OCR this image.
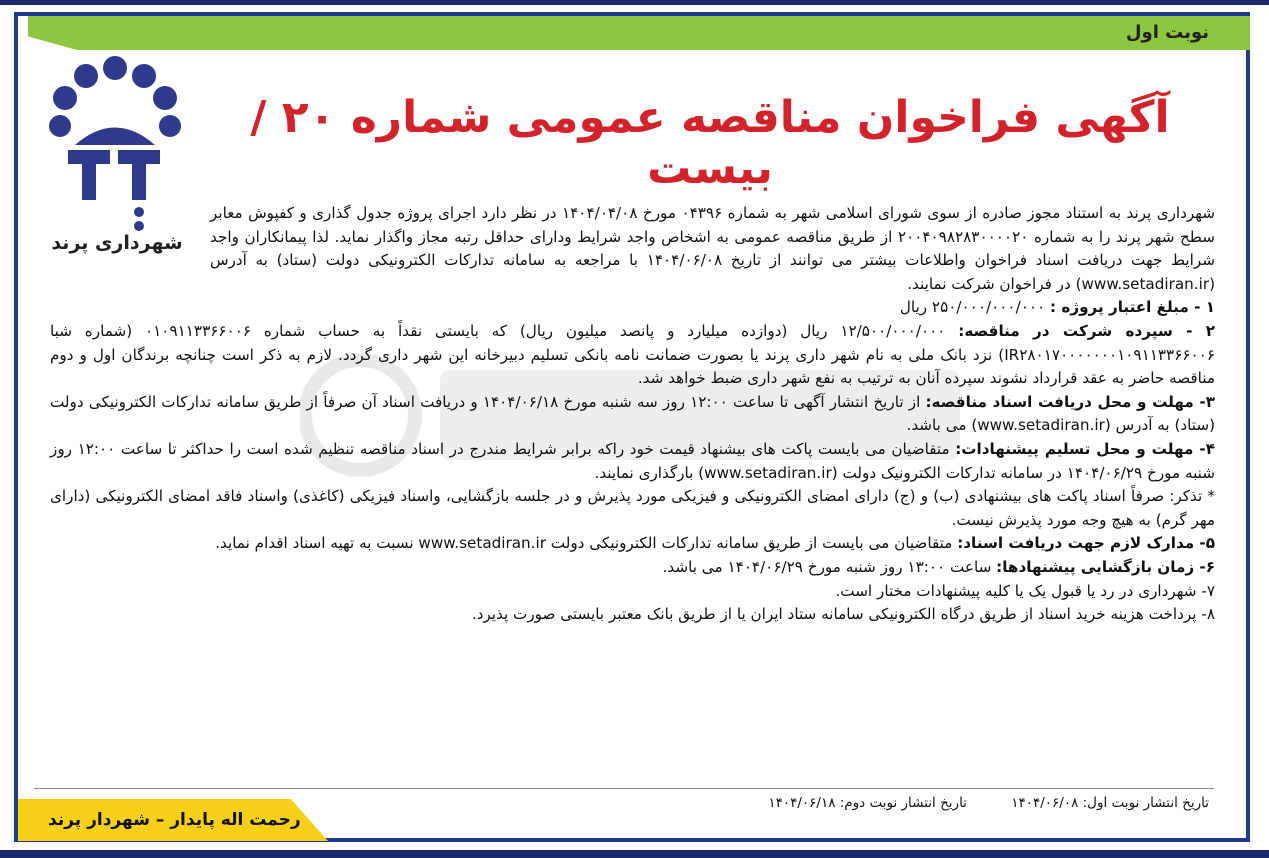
نوبت اول
شهرداری پرند
آگهی فراخوان مناقصه عمومی شماره ۲۰ / بیست

شهرداری پرند به استناد مجوز صادره از سوی شورای اسلامی شهر به شماره ۰۴۳۹۶ مورخ ۱۴۰۴/۰۴/۰۸ در نظر دارد اجرای پروژه جدول گذاری و کفپوش معابر سطح شهر پرند را به شماره ۲۰۰۴۰۹۸۲۸۳۰۰۰۰۲۰ از طریق مناقصه عمومی به اشخاص واجد شرایط ودارای حداقل رتبه مجاز واگذار نماید. لذا پیمانکاران واجد شرایط جهت دریافت اسناد فراخوان واطلاعات بیشتر می توانند از تاریخ ۱۴۰۴/۰۶/۰۸ با مراجعه به سامانه تدارکات الکترونیکی دولت (ستاد) به آدرس (www.setadiran.ir) در فراخوان شرکت نمایند.

۱ - مبلغ اعتبار پروژه : ۲۵۰/۰۰۰/۰۰۰/۰۰۰ ریال

۲ - سپرده شرکت در مناقصه: ۱۲/۵۰۰/۰۰۰/۰۰۰ ریال (دوازده میلیارد و پانصد میلیون ریال) که بایستی نقداً به حساب شماره ۰۱۰۹۱۱۳۳۶۶۰۰۶ (شماره شبا IR۲۸۰۱۷۰۰۰۰۰۰۰۱۰۹۱۱۳۳۶۶۰۰۶) نزد بانک ملی به نام شهر داری پرند یا بصورت ضمانت نامه بانکی تسلیم دبیرخانه این شهر داری گردد. لازم به ذکر است چنانچه برندگان اول و دوم مناقصه حاضر به عقد قرارداد نشوند سپرده آنان به ترتیب به نفع شهر داری ضبط خواهد شد.

۳- مهلت و محل دریافت اسناد مناقصه: از تاریخ انتشار آگهی تا ساعت ۱۲:۰۰ روز سه شنبه مورخ ۱۴۰۴/۰۶/۱۸ و دریافت اسناد آن صرفاً از طریق سامانه تدارکات الکترونیکی دولت (ستاد) به آدرس (www.setadiran.ir) می باشد.

۴- مهلت و محل تسلیم پیشنهادات: متقاضیان می بایست پاکت های بیشنهاد قیمت خود راکه برابر شرایط مندرج در اسناد مناقصه تنظیم شده است را حداکثر تا ساعت ۱۲:۰۰ روز شنبه مورخ ۱۴۰۴/۰۶/۲۹ در سامانه تدارکات الکترونیک دولت (www.setadiran.ir) بارگذاری نمایند.

* تذکر: صرفاً اسناد پاکت های بیشنهادی (ب) و (ج) دارای امضای الکترونیکی و فیزیکی مورد پذیرش و در جلسه بازگشایی، واسناد فیزیکی (کاغذی) واسناد فاقد امضای الکترونیکی (دارای مهر گرم) به هیچ وجه مورد پذیرش نیست.

۵- مدارک لازم جهت دریافت اسناد: متقاضیان می بایست از طریق سامانه تدارکات الکترونیکی دولت www.setadiran.ir نسبت به تهیه اسناد اقدام نماید.

۶- زمان بازگشایی پیشنهادها: ساعت ۱۳:۰۰ روز شنبه مورخ ۱۴۰۴/۰۶/۲۹ می باشد.

۷- شهرداری در رد یا قبول یک یا کلیه پیشنهادات مختار است.

۸- پرداخت هزینه خرید اسناد از طریق درگاه الکترونیکی سامانه ستاد ایران یا از طریق بانک معتبر بایستی صورت پذیرد.

تاریخ انتشار نوبت اول: ۱۴۰۴/۰۶/۰۸ تاریخ انتشار نوبت دوم: ۱۴۰۴/۰۶/۱۸
رحمت اله پایدار – شهردار پرند
